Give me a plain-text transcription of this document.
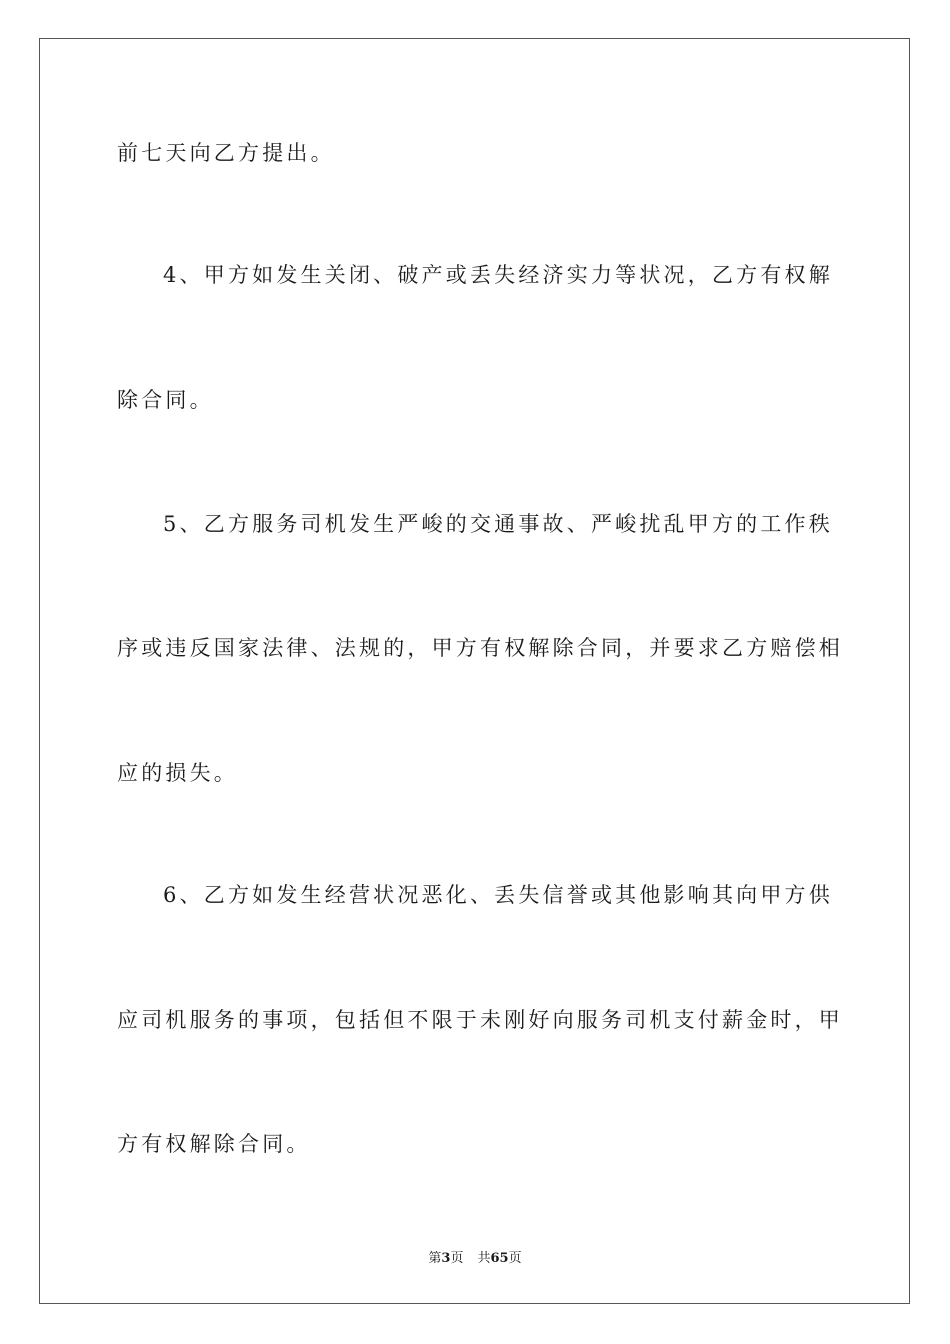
前七天向乙方提出。
4、甲方如发生关闭、破产或丢失经济实力等状况，乙方有权解
除合同。
5、乙方服务司机发生严峻的交通事故、严峻扰乱甲方的工作秩
序或违反国家法律、法规的，甲方有权解除合同，并要求乙方赔偿相
应的损失。
6、乙方如发生经营状况恶化、丢失信誉或其他影响其向甲方供
应司机服务的事项，包括但不限于未刚好向服务司机支付薪金时，甲
方有权解除合同。
第3页 共65页
